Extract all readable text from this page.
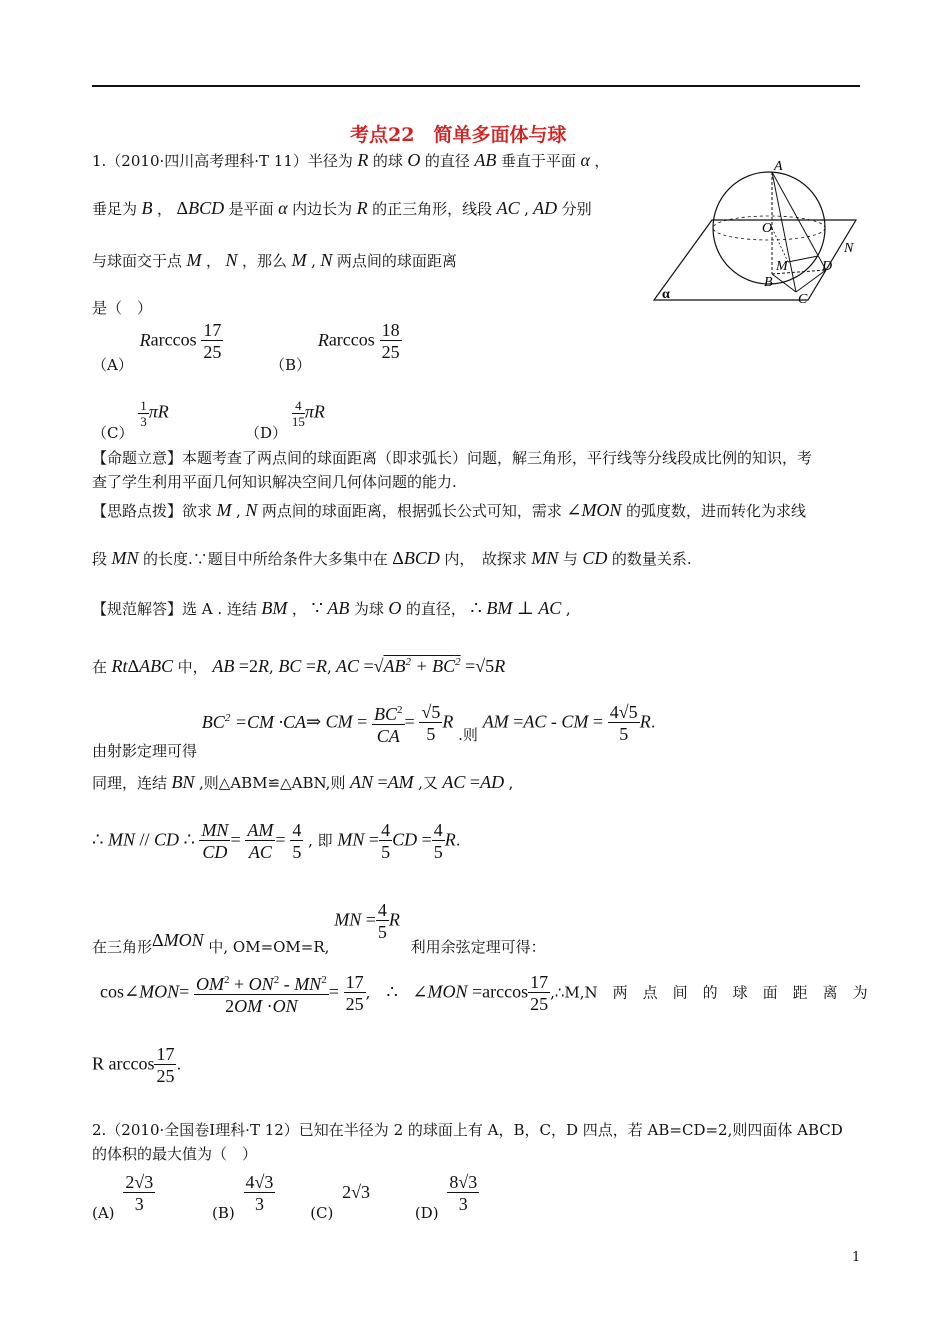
考点22　简单多面体与球
1.（2010·四川高考理科·T 11）半径为 R 的球 O 的直径 AB 垂直于平面 α ，
垂足为 B ， ΔBCD 是平面 α 内边长为 R 的正三角形，线段 AC , AD 分别
与球面交于点 M ， N ，那么 M , N 两点间的球面距离
是（　）
（A） Rarccos $\frac{17}{25}$
（B） Rarccos $\frac{18}{25}$
（C）
$\frac{1}{3}$ πR
（D）
$\frac{4}{15}$ πR
A
O
N
M D
B
C
α
【命题立意】本题考查了两点间的球面距离（即求弧长）问题，解三角形，平行线等分线段成比例的知识，考
查了学生利用平面几何知识解决空间几何体问题的能力.
【思路点拨】欲求 M , N 两点间的球面距离，根据弧长公式可知，需求 ∠MON 的弧度数，进而转化为求线
段 MN 的长度.∵题目中所给条件大多集中在 ΔBCD 内，　故探求 MN 与 CD 的数量关系.
【规范解答】选 A . 连结 BM ， ∵ AB 为球 O 的直径， ∴ BM ⊥ AC ,
在 RtΔABC 中， AB =2R, BC =R, AC $=√AB^2 + BC^2 =√5R$
由射影定理可得 $BC^2 =CM$ ·CA⇒ CM = $\frac{BC^2}{CA} = \frac{√5}{5}$ R .则 AM =AC - CM = $\frac{4√5}{5} R$.
同理，连结 BN ,则△ABM≌△ABN,则 AN =AM ,又 AC =AD ,
∴ MN // CD ∴ $\frac{MN}{CD} = \frac{AM}{AC} = \frac{4}{5}$ , 即 MN = $\frac{4}{5}$ CD = $\frac{4}{5} R$.
在三角形ΔMON 中, OM=OM=R, MN = $\frac{4}{5}$ R 利用余弦定理可得：
cos∠MON= $\frac{OM^2 + ON^2 - MN^2}{2OM \cdot ON} = \frac{17}{25}$ , ∴ ∠MON $=\arccos \frac{17}{25}$ ,∴M,N　两　点　间　的　球　面　距　离　为
R $\arccos \frac{17}{25}$ .
2.（2010·全国卷Ⅰ理科·T 12）已知在半径为 2 的球面上有 A，B，C，D 四点，若 AB=CD=2,则四面体 ABCD
的体积的最大值为（　）
$(A) \frac{2√3}{3}$	$(B) \frac{4√3}{3} (C)$ 2√3 $(D) \frac{8√3}{3}$
1
